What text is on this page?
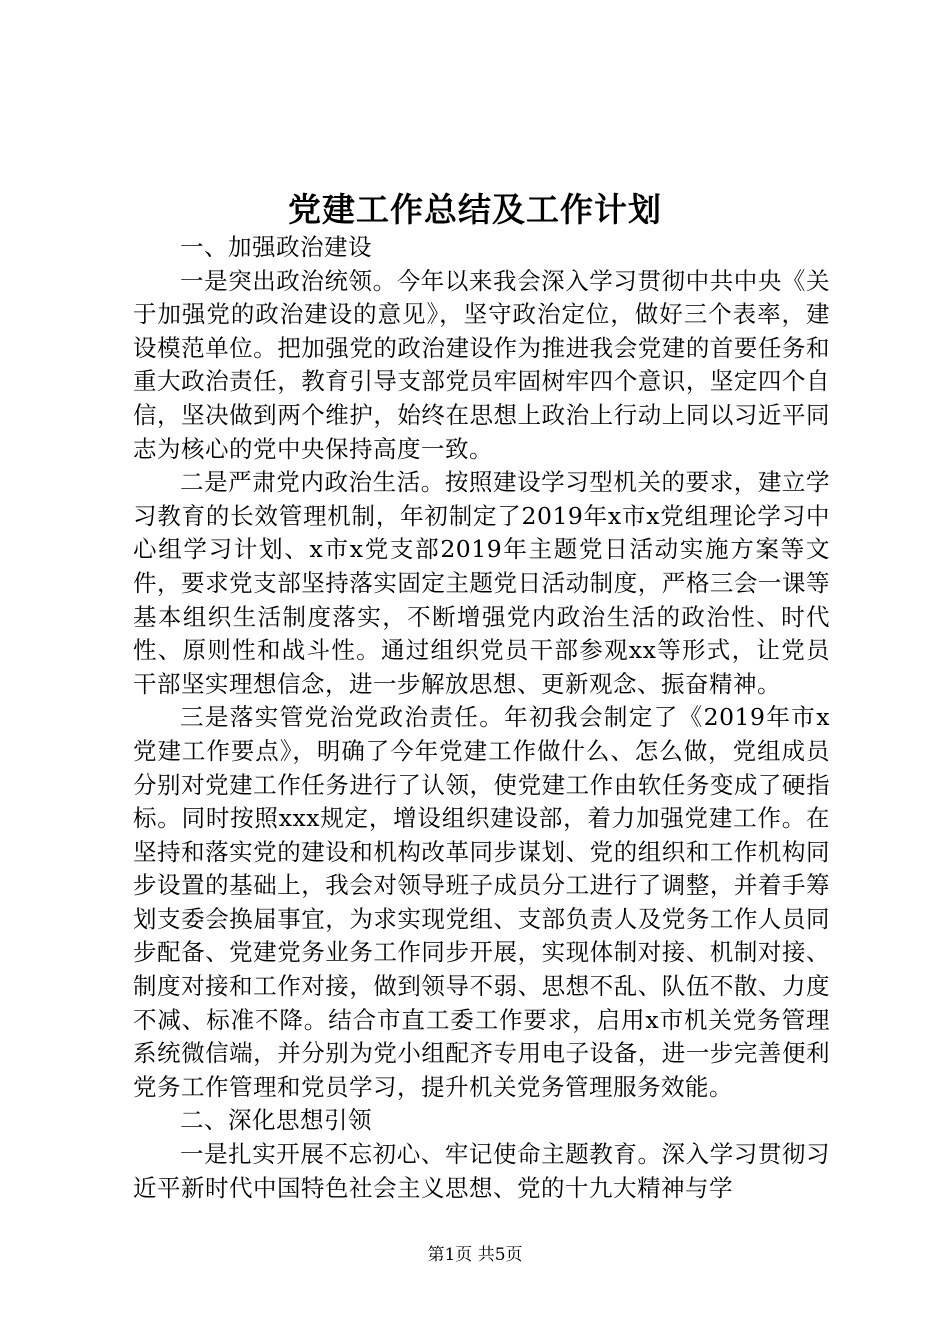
党建工作总结及工作计划

一、加强政治建设

一是突出政治统领。今年以来我会深入学习贯彻中共中央《关于加强党的政治建设的意见》，坚守政治定位，做好三个表率，建设模范单位。把加强党的政治建设作为推进我会党建的首要任务和重大政治责任，教育引导支部党员牢固树牢四个意识，坚定四个自信，坚决做到两个维护，始终在思想上政治上行动上同以习近平同志为核心的党中央保持高度一致。

二是严肃党内政治生活。按照建设学习型机关的要求，建立学习教育的长效管理机制，年初制定了2019年x市x党组理论学习中心组学习计划、x市x党支部2019年主题党日活动实施方案等文件，要求党支部坚持落实固定主题党日活动制度，严格三会一课等基本组织生活制度落实，不断增强党内政治生活的政治性、时代性、原则性和战斗性。通过组织党员干部参观xx等形式，让党员干部坚实理想信念，进一步解放思想、更新观念、振奋精神。

三是落实管党治党政治责任。年初我会制定了《2019年市x党建工作要点》，明确了今年党建工作做什么、怎么做，党组成员分别对党建工作任务进行了认领，使党建工作由软任务变成了硬指标。同时按照xxx规定，增设组织建设部，着力加强党建工作。在坚持和落实党的建设和机构改革同步谋划、党的组织和工作机构同步设置的基础上，我会对领导班子成员分工进行了调整，并着手筹划支委会换届事宜，为求实现党组、支部负责人及党务工作人员同步配备、党建党务业务工作同步开展，实现体制对接、机制对接、制度对接和工作对接，做到领导不弱、思想不乱、队伍不散、力度不减、标准不降。结合市直工委工作要求，启用x市机关党务管理系统微信端，并分别为党小组配齐专用电子设备，进一步完善便利党务工作管理和党员学习，提升机关党务管理服务效能。

二、深化思想引领

一是扎实开展不忘初心、牢记使命主题教育。深入学习贯彻习近平新时代中国特色社会主义思想、党的十九大精神与学

第1页 共5页
